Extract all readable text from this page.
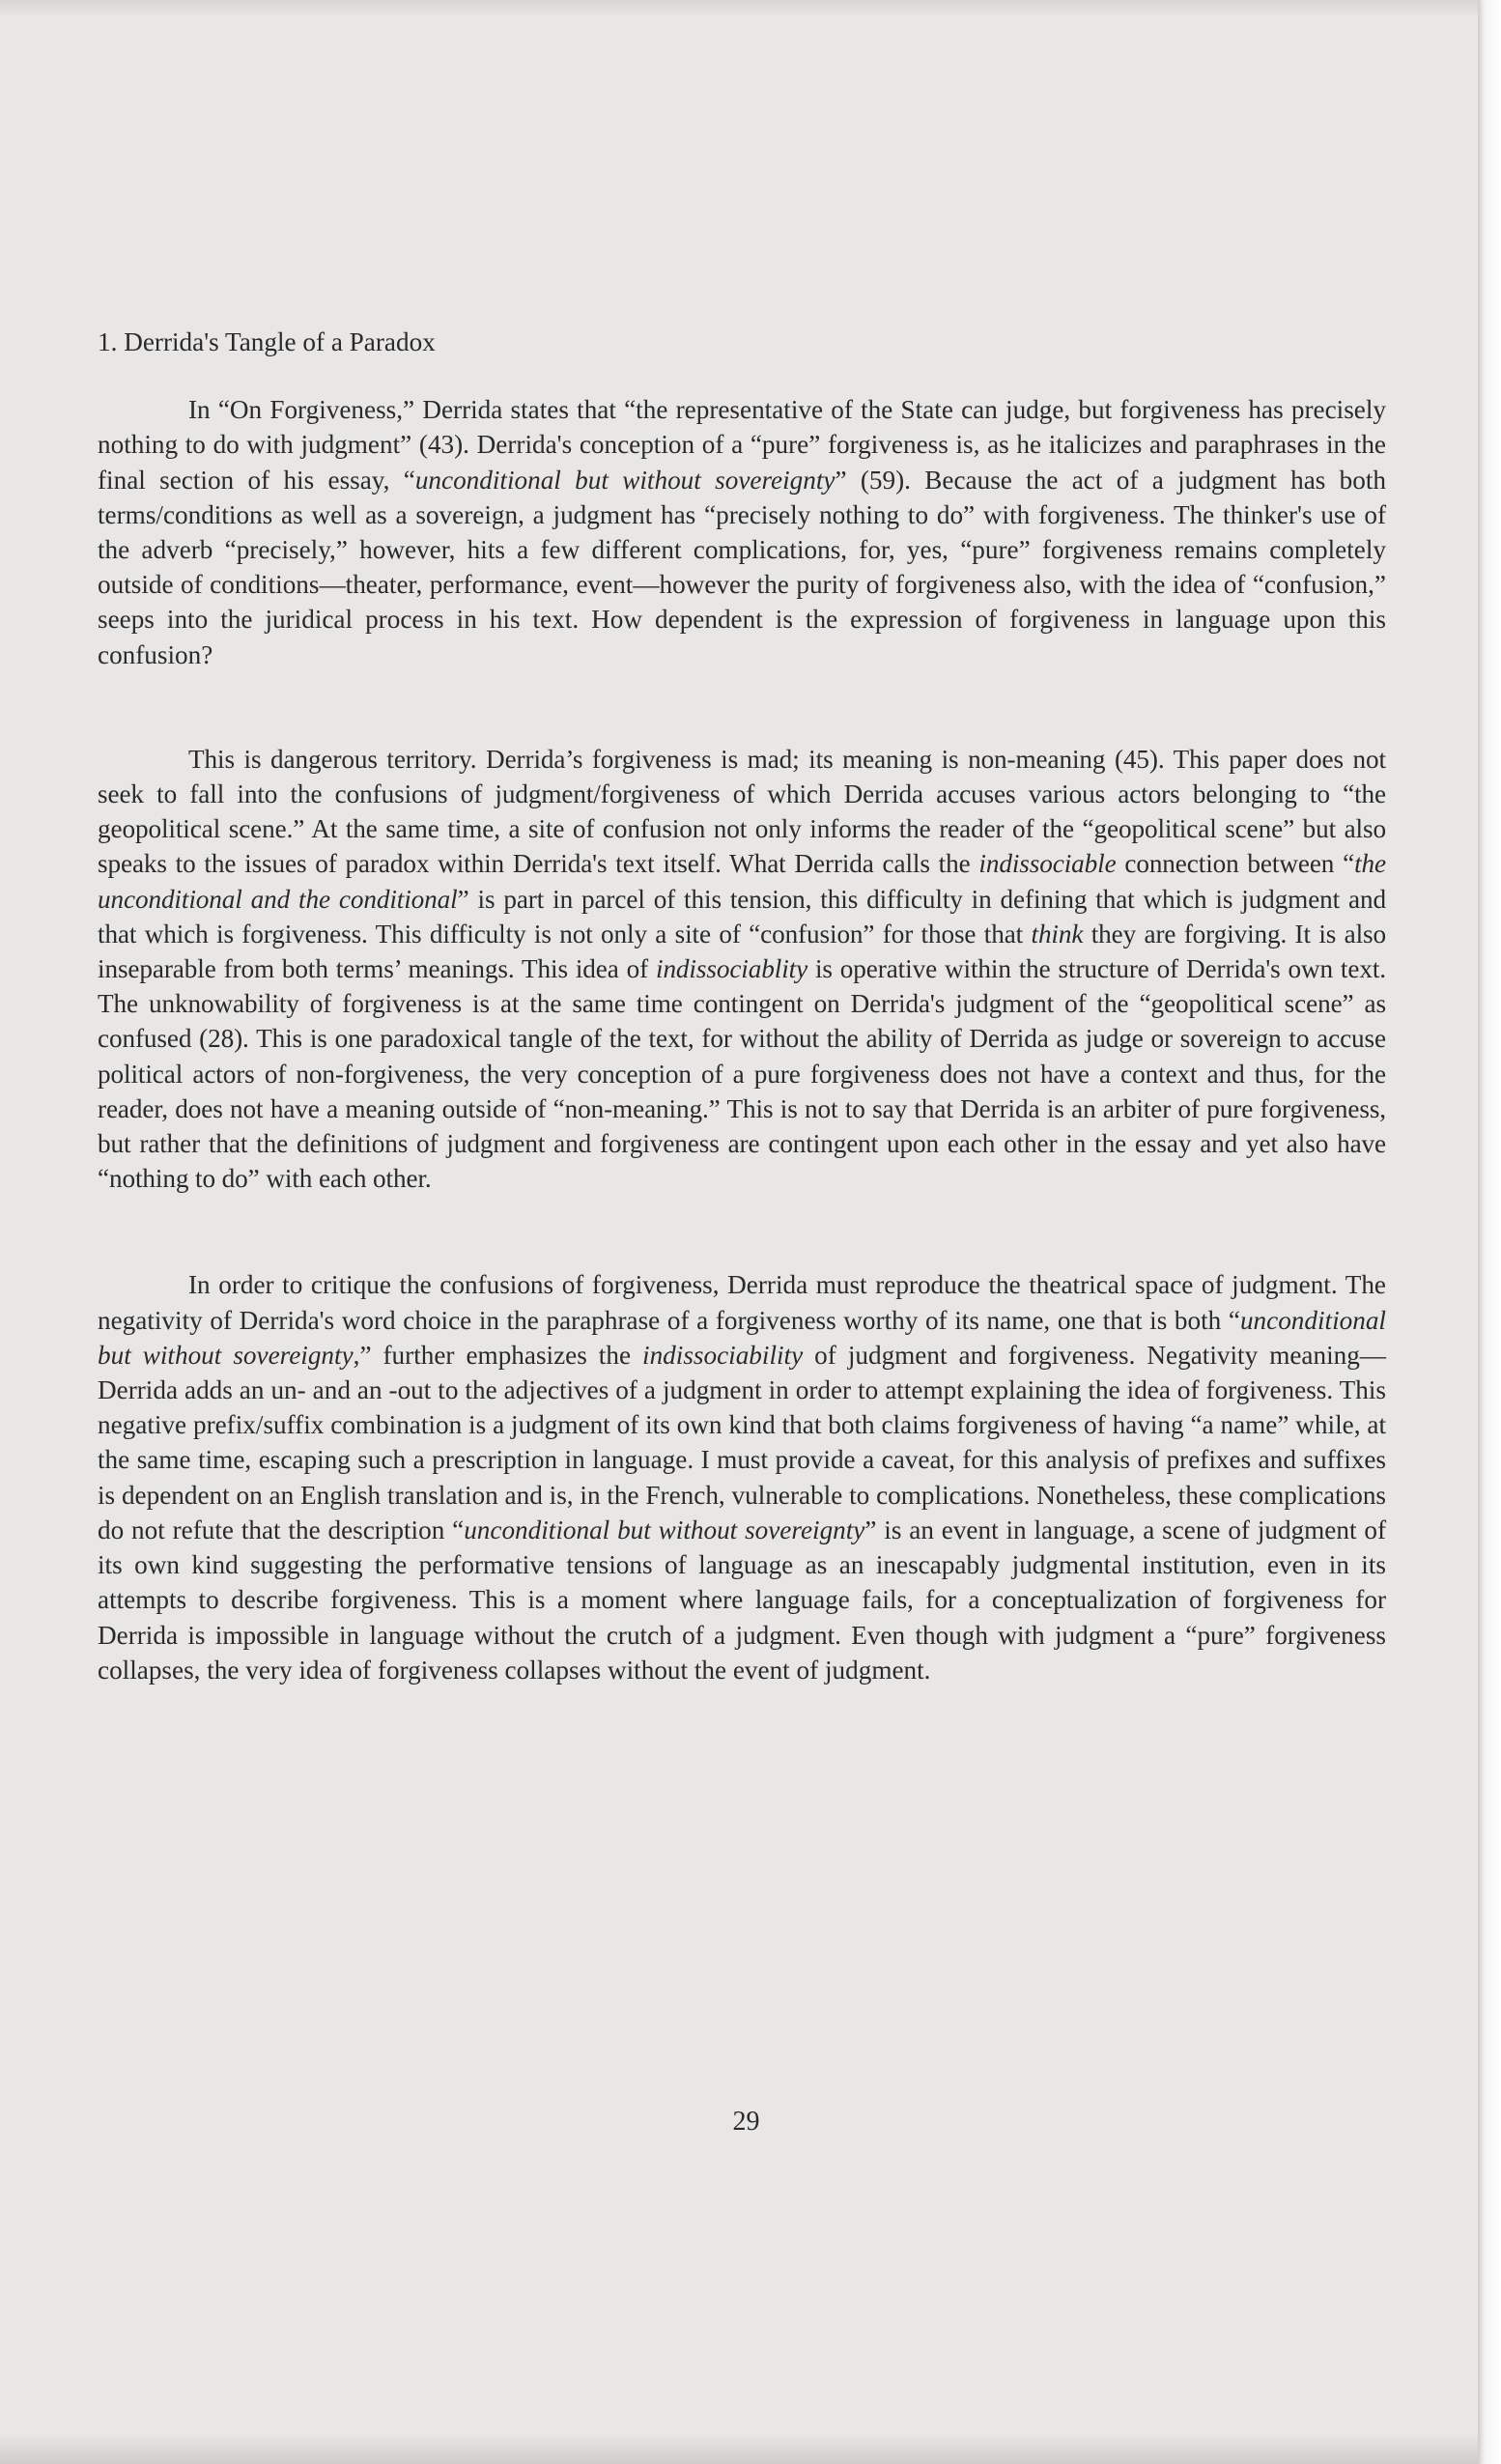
1. Derrida's Tangle of a Paradox

In “On Forgiveness,” Derrida states that “the representative of the State can judge, but forgiveness has precisely nothing to do with judgment” (43). Derrida's conception of a “pure” forgiveness is, as he italicizes and paraphrases in the final section of his essay, “unconditional but without sovereignty” (59). Because the act of a judgment has both terms/conditions as well as a sovereign, a judgment has “precisely nothing to do” with forgiveness. The thinker's use of the adverb “precisely,” however, hits a few different complications, for, yes, “pure” forgiveness remains completely outside of conditions—theater, performance, event—however the purity of forgiveness also, with the idea of “confusion,” seeps into the juridical process in his text. How dependent is the expression of forgiveness in language upon this confusion?

This is dangerous territory. Derrida’s forgiveness is mad; its meaning is non-meaning (45). This paper does not seek to fall into the confusions of judgment/forgiveness of which Derrida accuses various actors belonging to “the geopolitical scene.” At the same time, a site of confusion not only informs the reader of the “geopolitical scene” but also speaks to the issues of paradox within Derrida's text itself. What Derrida calls the indissociable connection between “the unconditional and the conditional” is part in parcel of this tension, this difficulty in defining that which is judgment and that which is forgiveness. This difficulty is not only a site of “confusion” for those that think they are forgiving. It is also inseparable from both terms’ meanings. This idea of indissociablity is operative within the structure of Derrida's own text. The unknowability of forgiveness is at the same time contingent on Derrida's judgment of the “geopolitical scene” as confused (28). This is one paradoxical tangle of the text, for without the ability of Derrida as judge or sovereign to accuse political actors of non-forgiveness, the very conception of a pure forgiveness does not have a context and thus, for the reader, does not have a meaning outside of “non-meaning.” This is not to say that Derrida is an arbiter of pure forgiveness, but rather that the definitions of judgment and forgiveness are contingent upon each other in the essay and yet also have “nothing to do” with each other.

In order to critique the confusions of forgiveness, Derrida must reproduce the theatrical space of judgment. The negativity of Derrida's word choice in the paraphrase of a forgiveness worthy of its name, one that is both “unconditional but without sovereignty,” further emphasizes the indissociability of judgment and forgiveness. Negativity meaning—Derrida adds an un- and an -out to the adjectives of a judgment in order to attempt explaining the idea of forgiveness. This negative prefix/suffix combination is a judgment of its own kind that both claims forgiveness of having “a name” while, at the same time, escaping such a prescription in language. I must provide a caveat, for this analysis of prefixes and suffixes is dependent on an English translation and is, in the French, vulnerable to complications. Nonetheless, these complications do not refute that the description “unconditional but without sovereignty” is an event in language, a scene of judgment of its own kind suggesting the performative tensions of language as an inescapably judgmental institution, even in its attempts to describe forgiveness. This is a moment where language fails, for a conceptualization of forgiveness for Derrida is impossible in language without the crutch of a judgment. Even though with judgment a “pure” forgiveness collapses, the very idea of forgiveness collapses without the event of judgment.

29
